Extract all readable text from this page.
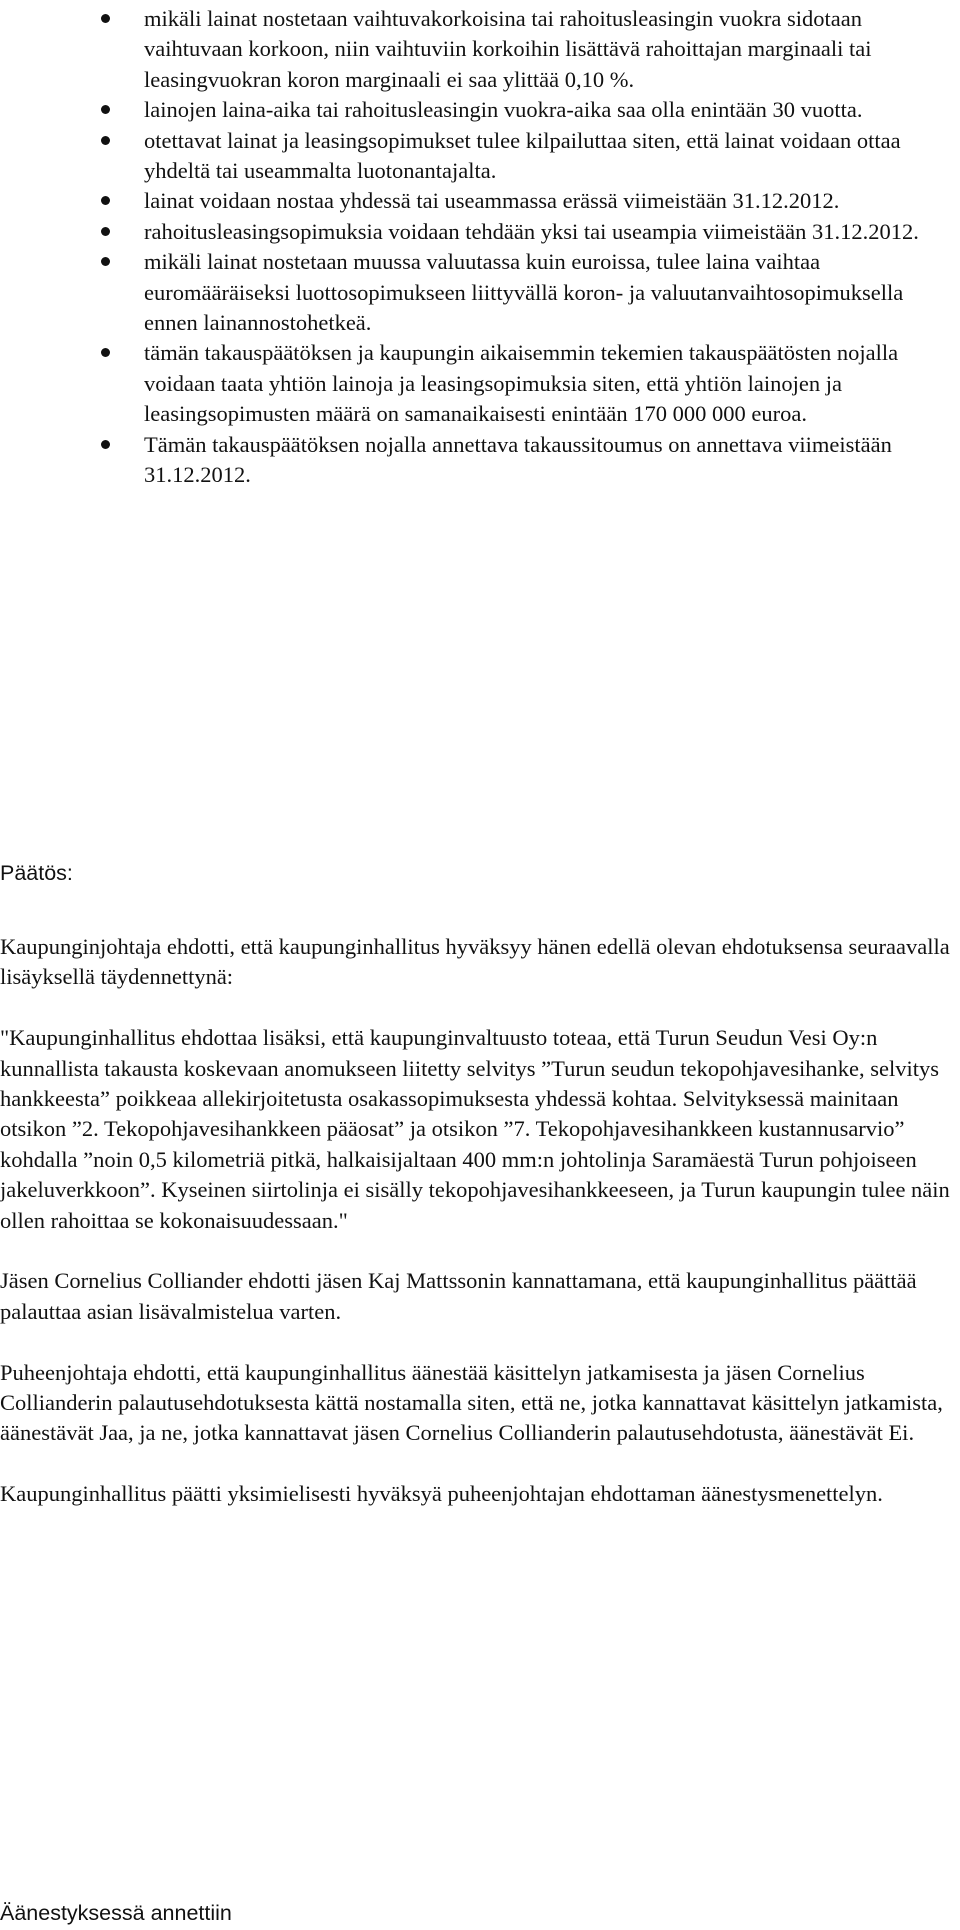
mikäli lainat nostetaan vaihtuvakorkoisina tai rahoitusleasingin vuokra sidotaan vaihtuvaan korkoon, niin vaihtuviin korkoihin lisättävä rahoittajan marginaali tai leasingvuokran koron marginaali ei saa ylittää 0,10 %.
lainojen laina-aika tai rahoitusleasingin vuokra-aika saa olla enintään 30 vuotta.
otettavat lainat ja leasingsopimukset tulee kilpailuttaa siten, että lainat voidaan ottaa yhdeltä tai useammalta luotonantajalta.
lainat voidaan nostaa yhdessä tai useammassa erässä viimeistään 31.12.2012.
rahoitusleasingsopimuksia voidaan tehdään yksi tai useampia viimeistään 31.12.2012.
mikäli lainat nostetaan muussa valuutassa kuin euroissa, tulee laina vaihtaa euromääräiseksi luottosopimukseen liittyvällä koron- ja valuutanvaihtosopimuksella ennen lainannostohetkeä.
tämän takauspäätöksen ja kaupungin aikaisemmin tekemien takauspäätösten nojalla voidaan taata yhtiön lainoja ja leasingsopimuksia siten, että yhtiön lainojen ja leasingsopimusten määrä on samanaikaisesti enintään 170 000 000 euroa.
Tämän takauspäätöksen nojalla annettava takaussitoumus on annettava viimeistään 31.12.2012.
Päätös:

Kaupunginjohtaja ehdotti, että kaupunginhallitus hyväksyy hänen edellä olevan ehdotuksensa seuraavalla lisäyksellä täydennettynä:

"Kaupunginhallitus ehdottaa lisäksi, että kaupunginvaltuusto toteaa, että Turun Seudun Vesi Oy:n kunnallista takausta koskevaan anomukseen liitetty selvitys ”Turun seudun tekopohjavesihanke, selvitys hankkeesta” poikkeaa allekirjoitetusta osakassopimuksesta yhdessä kohtaa. Selvityksessä mainitaan otsikon ”2. Tekopohjavesihankkeen pääosat” ja otsikon ”7. Tekopohjavesihankkeen kustannusarvio” kohdalla ”noin 0,5 kilometriä pitkä, halkaisijaltaan 400 mm:n johtolinja Saramäestä Turun pohjoiseen jakeluverkkoon”. Kyseinen siirtolinja ei sisälly tekopohjavesihankkeeseen, ja Turun kaupungin tulee näin ollen rahoittaa se kokonaisuudessaan."

Jäsen Cornelius Colliander ehdotti jäsen Kaj Mattssonin kannattamana, että kaupunginhallitus päättää palauttaa asian lisävalmistelua varten.

Puheenjohtaja ehdotti, että kaupunginhallitus äänestää käsittelyn jatkamisesta ja jäsen Cornelius Collianderin palautusehdotuksesta kättä nostamalla siten, että ne, jotka kannattavat käsittelyn jatkamista, äänestävät Jaa, ja ne, jotka kannattavat jäsen Cornelius Collianderin palautusehdotusta, äänestävät Ei.

Kaupunginhallitus päätti yksimielisesti hyväksyä puheenjohtajan ehdottaman äänestysmenettelyn.

Äänestyksessä annettiin
